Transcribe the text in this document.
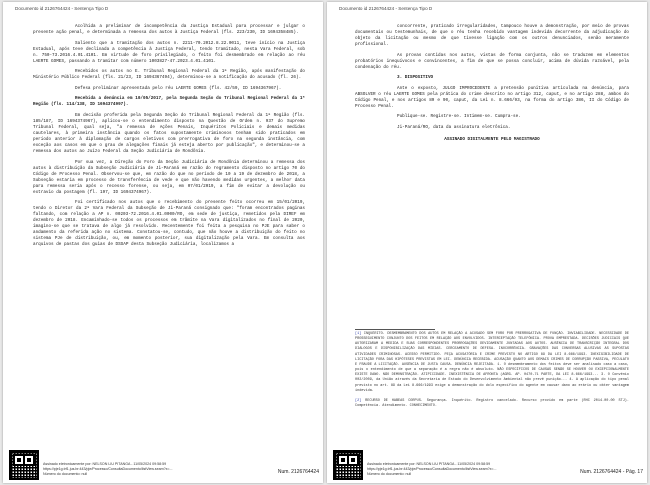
Documento id 2126764424 - Sentença Tipo D
Acolhida a preliminar de incompetência da Justiça Estadual para processar e julgar o presente ação penal, e determinada a remessa dos autos à Justiça Federal (fls. 223/230, ID 1694358485).
Saliento que a tramitação dos autos n. 2211-70.2012.8.22.0011, teve início na Justiça Estadual, após teve declinada a competência à Justiça Federal, tendo tramitado, nesta Vara Federal, sob n. 750-73.2016.4.01.4101. Em virtude de foro privilegiado, o feito foi desmembrado em relação ao réu LAERTE GOMES, passando a tramitar com número 1003827-47.2023.4.01.4101.
Recebidos os autos no E. Tribunal Regional Federal da 1ª Região, após manifestação do Ministério Público Federal (fls. 21/23, ID 1694367494), determinou-se a notificação do acusado (fl. 26).
Defesa preliminar apresentada pelo réu LAERTE GOMES (fls. 42/59, ID 1694367967).
Recebida a denúncia em 10/05/2017, pela Segunda Seção do Tribunal Regional Federal da 1ª Região (fls. 114/138, ID 1694374997).
Em decisão proferida pela Segunda Seção do Tribunal Regional Federal da 1ª Região (fls. 185/187, ID 1694374967), aplicou-se o entendimento disposto na Questão de Ordem n. 937 do Supremo Tribunal Federal, qual seja, "a remessa de Ações Penais, Inquéritos Policiais e demais medidas cautelares, à primeira instância quando os fatos supostamente criminosos tenham sido praticados em período anterior à diplomação de cargos eletivos com prerrogativa de foro na segunda instância, com exceção aos casos em que o grau de alegações finais já esteja aberto por publicação", e determinou-se a remessa dos autos ao Juízo Federal da Seção Judiciária de Rondônia.
Por sua vez, a Direção do Foro da Seção Judiciária de Rondônia determinou a remessa dos autos à distribuição da Subseção Judiciária de Ji-Paraná em razão do regramento disposto no artigo 70 do Código de Processo Penal. Observou-se que, em razão do que no período de 10 a 19 de dezembro de 2018, a Subseção estaria em processo de transferência de vede e que não havendo medidas urgentes, a melhor data para remessa seria após o recesso forense, ou seja, em 07/01/2019, a fim de evitar a devolução ou extravio da postagem (fl. 197, ID 1694374967).
Foi certificado nos autos que o recebimento do presente feito ocorreu em 15/01/2019, tendo o Diretor da 2ª Vara Federal da Subseção de Ji-Paraná consignado que: "foram encontrados paginas faltando, com relação a AP n. 00203-72.2016.4.01.0000/RO, em sede de justiça, remetidos pela DIREF em dezembro de 2018. Encaminhado-se todos os processos em trâmite na Vara digitalizados no final de 2020, imagino-se que se tratava de algo já resolvido. Recentemente foi feita a pesquisa no PJE para saber o andamento da referida ação no sistema. Constatou-se, contudo, que não houve a distribuição do feito no sistema PJe de distribuição, ou, em momento posterior, sua digitalização pela Vara. Em consulta aos arquivos de pastas dos guias de DSSAP desta Subseção Judiciária, localizamos a
Assinado eletronicamente por: NELSON LIU PITANGA - 11/05/2024 09:58:59
https://pje1g.trf1.jus.br:443/pje/Processo/ConsultaDocumento/listView.seam?x=...
Número do documento: null	Num. 2126764424
Documento id 2126764424 - Sentença Tipo D
concorrente, praticado irregularidades, tampouco houve a demonstração, por meio de provas documentais ou testemunhais, de que o réu tenha recebido vantagem indevida decorrente da adjudicação do objeto da licitação ou mesmo de que tivesse ligação com os outros denunciados, senão meramente profissional.
As provas contidas nos autos, vistas de forma conjunta, não se traduzem em elementos probatórios inequívocos e convincentes, a fim de que se possa concluir, acima de dúvida razoável, pela condenação do réu.
3. DISPOSITIVO
Ante o exposto, JULGO IMPROCEDENTE a pretensão punitiva articulada na denúncia, para ABSOLVER o réu LAERTE GOMES pela prática do crime descrito no artigo 312, caput, e no artigo 288, ambos do Código Penal, e nos artigos 89 e 90, caput, da Lei n. 8.666/93, na forma do artigo 386, II do Código de Processo Penal.
Publique-se. Registre-se. Intimem-se. Cumpra-se.
Ji-Paraná/RO, data da assinatura eletrônica.
ASSINADO DIGITALMENTE PELO MAGISTRADO
[1] INQUÉRITO. DESMEMBRAMENTO DOS AUTOS EM RELAÇÃO A ACUSADO SEM FORO POR PRERROGATIVA DE FUNÇÃO. INVIABILIDADE. NECESSIDADE DE PROSSEGUIMENTO CONJUNTO DOS FEITOS EM RELAÇÃO AOS ENVOLVIDOS. INTERCEPTAÇÃO TELEFÔNICA. PROVA EMPRESTADA. DECISÕES JUDICIAIS QUE AUTORIZARAM A MEDIDA E SUAS CORRESPONDENTES PRORROGAÇÕES DEVIDAMENTE JUNTADAS AOS AUTOS. AUSÊNCIA DE TRANSCRIÇÃO INTEGRAL DOS DIÁLOGOS E DISPONIBILIZAÇÃO DAS MÍDIAS. CERCEAMENTO DE DEFESA. INOCORRÊNCIA. GRAVAÇÕES DAS CONVERSAS ALUSIVAS ÀS SUPOSTAS ATIVIDADES CRIMINOSAS. ACESSO PERMITIDO. PEÇA ACUSATÓRIA E CRIME PREVISTO NO ARTIGO 89 DA LEI 8.666/1993. INEXIGIBILIDADE DE LICITAÇÃO FORA DAS HIPÓTESES PREVISTAS EM LEI. DENÚNCIA RECEBIDA. ACUSAÇÃO QUANTO AOS DEMAIS CRIMES DE CORRUPÇÃO PASSIVA, PECULATO E FRAUDE À LICITAÇÃO. AUSÊNCIA DE JUSTA CAUSA. DENÚNCIA REJEITADA. 1. O desmembramento dos feitos deve ser analisado caso a caso, pois o entendimento de que a separação é a regra não é absoluto. NÃO ESPECÍFICOS DE CAUSAS SENÃO SE HOUVER OU EXCEPCIONALMENTE EXISTE DANO. NÃO DEMONSTRAÇÃO. ATIPICIDADE. INEXISTÊNCIA DE AFRONTA (AGRG. AP. 0470-71 PARTE, DA LEI 8.666/1993... 3. O Convênio 002/2009, da União através da Secretaria de Estado do Desenvolvimento Ambiental não prevê punição... 4. A aplicação do tipo penal previsto no art. 89 da Lei 8.666/1993 exige a demonstração do dolo específico do agente em causar dano ao erário ou obter vantagem indevida.
[2] RECURSO DE HABEAS CORPUS. Segurança. Inquérito. Registro cancelado. Recurso provido em parte (RHC 2014.00.00 STJ). Competência. Atendimento. CONHECIMENTO.
Assinado eletronicamente por: NELSON LIU PITANGA - 11/05/2024 09:58:59
https://pje1g.trf1.jus.br:443/pje/Processo/ConsultaDocumento/listView.seam?x=...
Número do documento: null	Num. 2126764424 - Pág. 17
